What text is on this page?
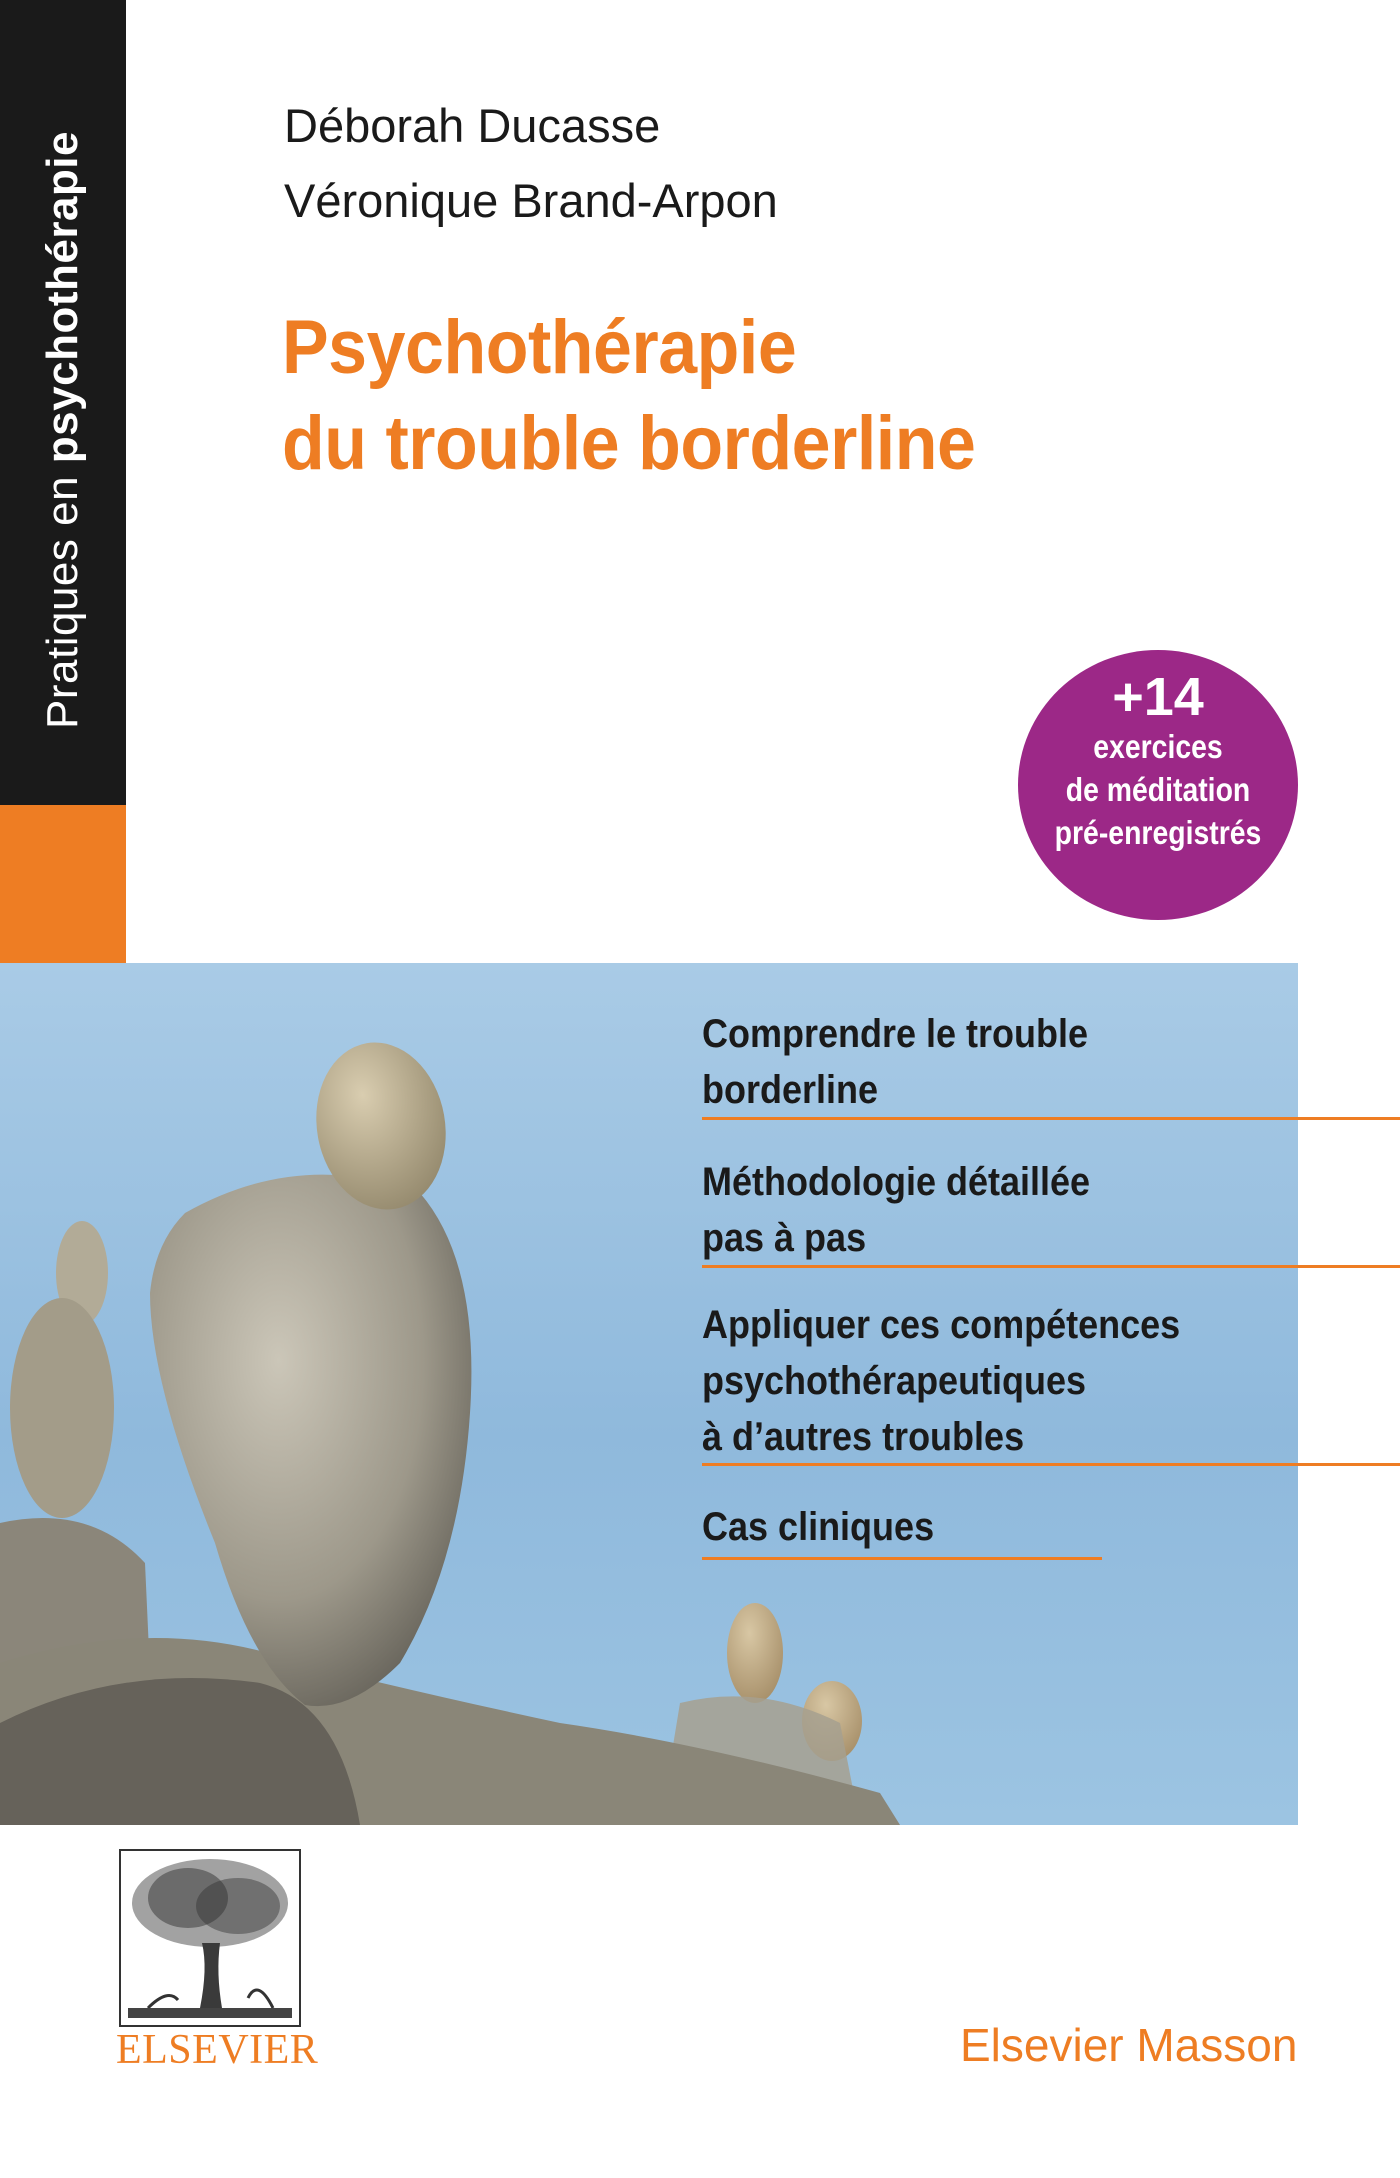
Pratiques en psychothérapie
Déborah Ducasse
Véronique Brand-Arpon
Psychothérapie
du trouble borderline
+14
exercices
de méditation
pré-enregistrés
Comprendre le trouble
borderline
Méthodologie détaillée
pas à pas
Appliquer ces compétences
psychothérapeutiques
à d’autres troubles
Cas cliniques
ELSEVIER	Elsevier Masson
